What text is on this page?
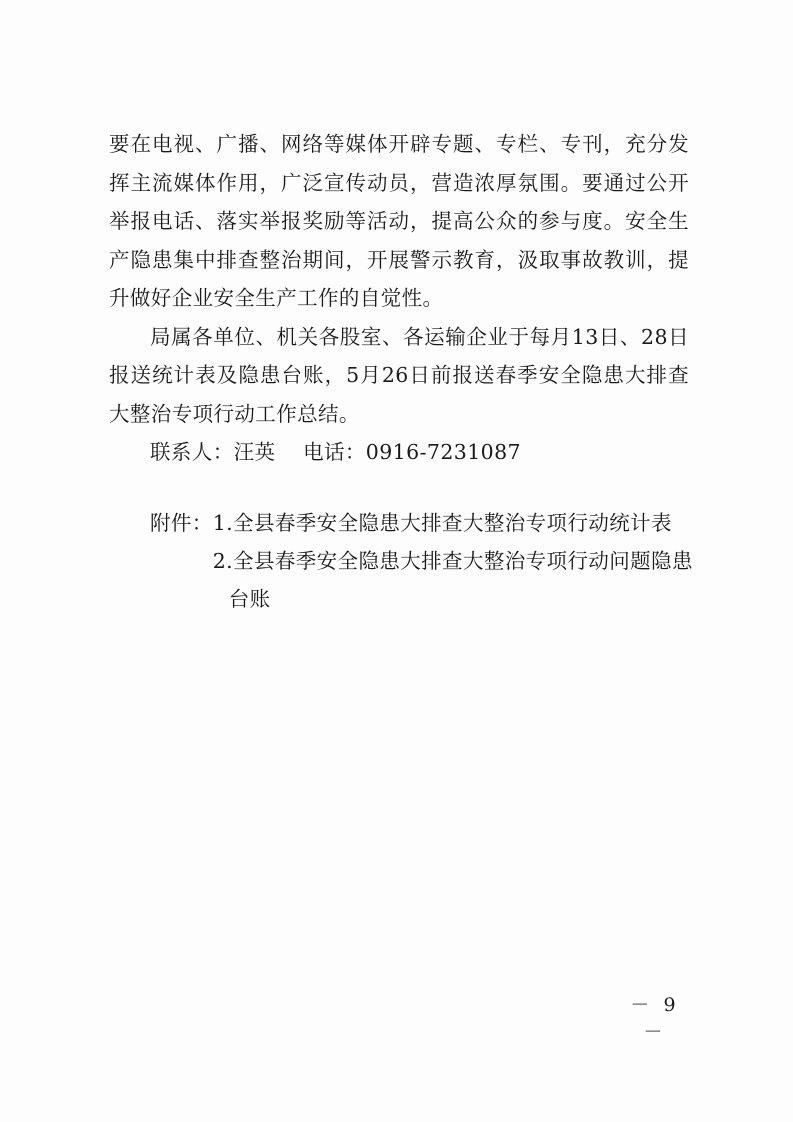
要在电视、广播、网络等媒体开辟专题、专栏、专刊，充分发挥主流媒体作用，广泛宣传动员，营造浓厚氛围。要通过公开举报电话、落实举报奖励等活动，提高公众的参与度。安全生产隐患集中排查整治期间，开展警示教育，汲取事故教训，提升做好企业安全生产工作的自觉性。

局属各单位、机关各股室、各运输企业于每月13日、28日报送统计表及隐患台账，5月26日前报送春季安全隐患大排查大整治专项行动工作总结。

联系人：汪英 电话：0916-7231087

附件： 1.全县春季安全隐患大排查大整治专项行动统计表

2.全县春季安全隐患大排查大整治专项行动问题隐患台账

－ 9 －
